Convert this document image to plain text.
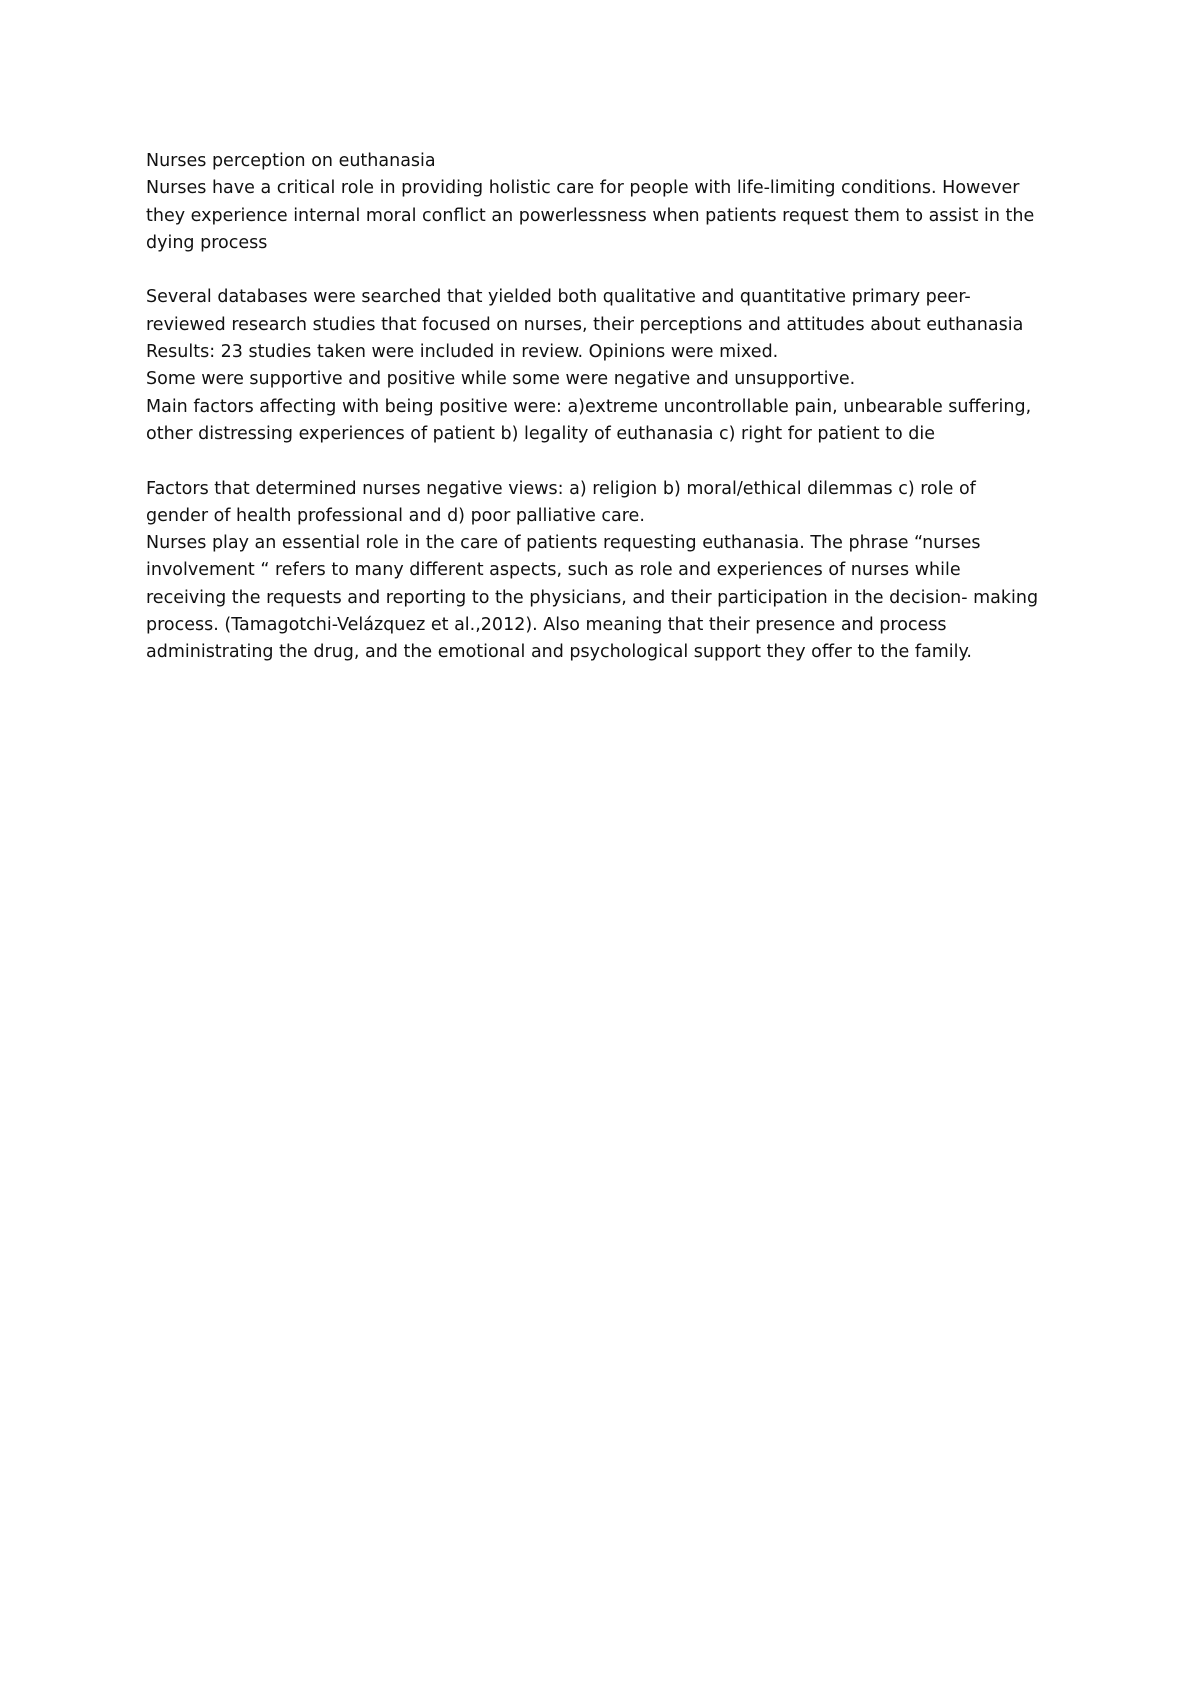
Nurses perception on euthanasia
Nurses have a critical role in providing holistic care for people with life-limiting conditions. However
they experience internal moral conflict an powerlessness when patients request them to assist in the
dying process
Several databases were searched that yielded both qualitative and quantitative primary peer-
reviewed research studies that focused on nurses, their perceptions and attitudes about euthanasia
Results: 23 studies taken were included in review. Opinions were mixed.
Some were supportive and positive while some were negative and unsupportive.
Main factors affecting with being positive were: a)extreme uncontrollable pain, unbearable suffering,
other distressing experiences of patient b) legality of euthanasia c) right for patient to die
Factors that determined nurses negative views: a) religion b) moral/ethical dilemmas c) role of
gender of health professional and d) poor palliative care.
Nurses play an essential role in the care of patients requesting euthanasia. The phrase “nurses
involvement “ refers to many different aspects, such as role and experiences of nurses while
receiving the requests and reporting to the physicians, and their participation in the decision- making
process. (Tamagotchi-Velázquez et al.,2012). Also meaning that their presence and process
administrating the drug, and the emotional and psychological support they offer to the family.
